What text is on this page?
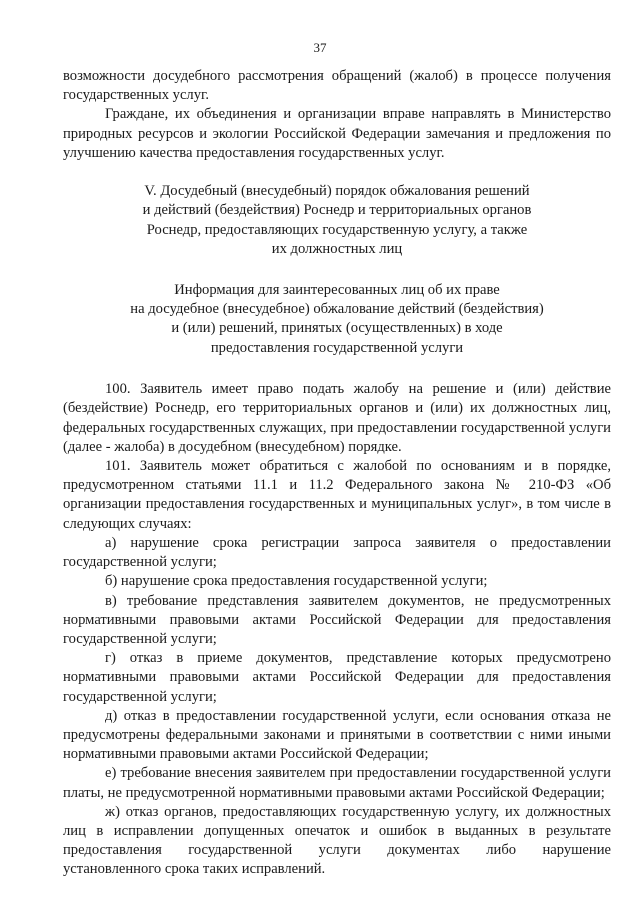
37

возможности досудебного рассмотрения обращений (жалоб) в процессе получения государственных услуг.

Граждане, их объединения и организации вправе направлять в Министерство природных ресурсов и экологии Российской Федерации замечания и предложения по улучшению качества предоставления государственных услуг.

V. Досудебный (внесудебный) порядок обжалования решений
и действий (бездействия) Роснедр и территориальных органов
Роснедр, предоставляющих государственную услугу, а также
их должностных лиц
Информация для заинтересованных лиц об их праве
на досудебное (внесудебное) обжалование действий (бездействия)
и (или) решений, принятых (осуществленных) в ходе
предоставления государственной услуги

100. Заявитель имеет право подать жалобу на решение и (или) действие (бездействие) Роснедр, его территориальных органов и (или) их должностных лиц, федеральных государственных служащих, при предоставлении государственной услуги (далее - жалоба) в досудебном (внесудебном) порядке.

101. Заявитель может обратиться с жалобой по основаниям и в порядке, предусмотренном статьями 11.1 и 11.2 Федерального закона № 210-ФЗ «Об организации предоставления государственных и муниципальных услуг», в том числе в следующих случаях:

а) нарушение срока регистрации запроса заявителя о предоставлении государственной услуги;

б) нарушение срока предоставления государственной услуги;

в) требование представления заявителем документов, не предусмотренных нормативными правовыми актами Российской Федерации для предоставления государственной услуги;

г) отказ в приеме документов, представление которых предусмотрено нормативными правовыми актами Российской Федерации для предоставления государственной услуги;

д) отказ в предоставлении государственной услуги, если основания отказа не предусмотрены федеральными законами и принятыми в соответствии с ними иными нормативными правовыми актами Российской Федерации;

е) требование внесения заявителем при предоставлении государственной услуги платы, не предусмотренной нормативными правовыми актами Российской Федерации;

ж) отказ органов, предоставляющих государственную услугу, их должностных

лиц в исправлении допущенных опечаток и ошибок в выданных в результате

предоставления государственной услуги документах либо нарушение

установленного срока таких исправлений.
